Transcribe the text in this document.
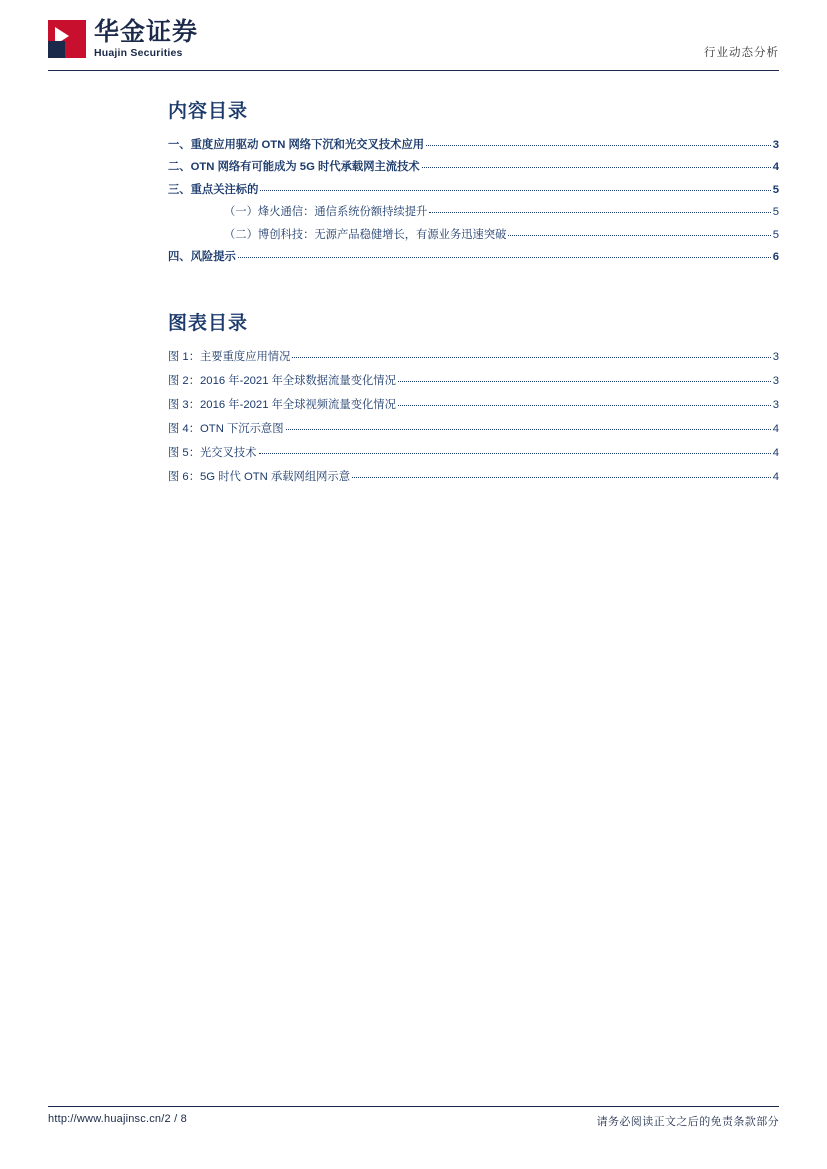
华金证券
Huajin Securities	行业动态分析
内容目录
一、重度应用驱动 OTN 网络下沉和光交叉技术应用	3
二、OTN 网络有可能成为 5G 时代承载网主流技术	4
三、重点关注标的	5
（一）烽火通信：通信系统份额持续提升	5
（二）博创科技：无源产品稳健增长，有源业务迅速突破	5
四、风险提示	6
图表目录
图 1：主要重度应用情况	3
图 2：2016 年-2021 年全球数据流量变化情况	3
图 3：2016 年-2021 年全球视频流量变化情况	3
图 4：OTN 下沉示意图	4
图 5：光交叉技术	4
图 6：5G 时代 OTN 承载网组网示意	4
http://www.huajinsc.cn/2 / 8	请务必阅读正文之后的免责条款部分
